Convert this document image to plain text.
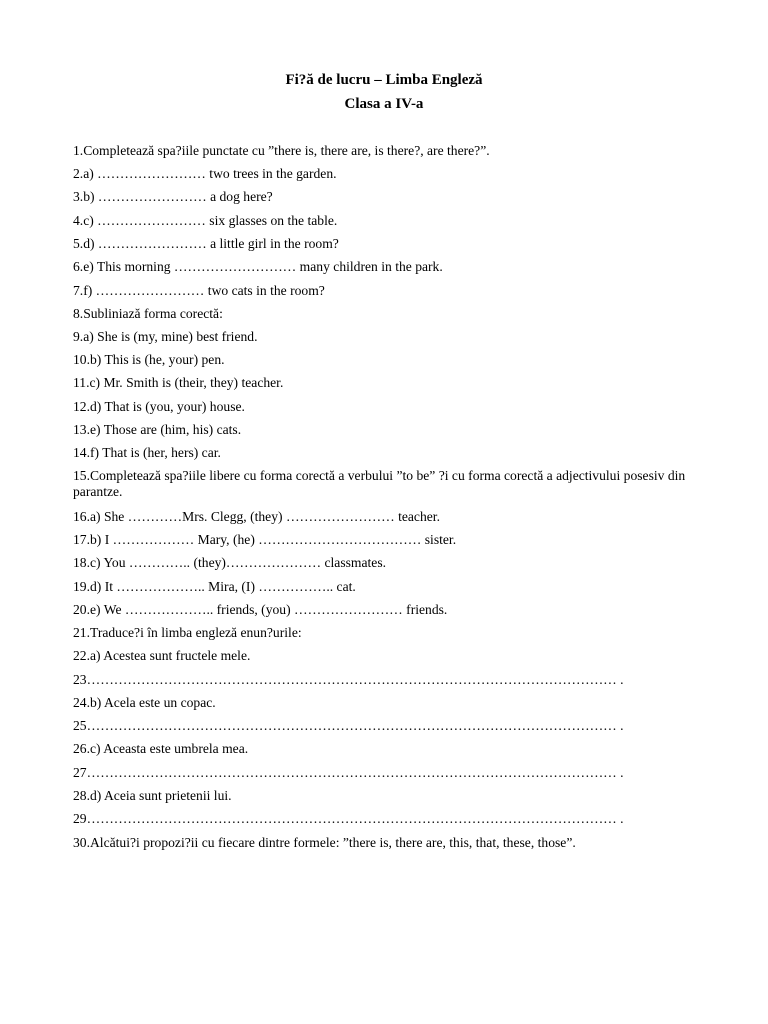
Fi?ă de lucru – Limba Engleză
Clasa a IV-a
1.Completează spa?iile punctate cu ”there is, there are, is there?, are there?”.
2.a) …………………… two trees in the garden.
3.b) …………………… a dog here?
4.c) …………………… six glasses on the table.
5.d) …………………… a little girl in the room?
6.e) This morning ……………………… many children in the park.
7.f) …………………… two cats in the room?
8.Subliniază forma corectă:
9.a) She is (my, mine) best friend.
10.b) This is (he, your) pen.
11.c) Mr. Smith is (their, they) teacher.
12.d) That is (you, your) house.
13.e) Those are (him, his) cats.
14.f) That is (her, hers) car.
15.Completează spa?iile libere cu forma corectă a verbului ”to be” ?i cu forma corectă a adjectivului posesiv din parantze.
16.a) She …………Mrs. Clegg, (they) …………………… teacher.
17.b) I ……………… Mary, (he) ……………………………… sister.
18.c) You ………….. (they)………………… classmates.
19.d) It ……………….. Mira, (I) …………….. cat.
20.e) We ……………….. friends, (you) …………………… friends.
21.Traduce?i în limba engleză enun?urile:
22.a) Acestea sunt fructele mele.
23……………………………………………………………………………………………………… .
24.b) Acela este un copac.
25……………………………………………………………………………………………………… .
26.c) Aceasta este umbrela mea.
27……………………………………………………………………………………………………… .
28.d) Aceia sunt prietenii lui.
29……………………………………………………………………………………………………… .
30.Alcătui?i propozi?ii cu fiecare dintre formele: ”there is, there are, this, that, these, those”.
